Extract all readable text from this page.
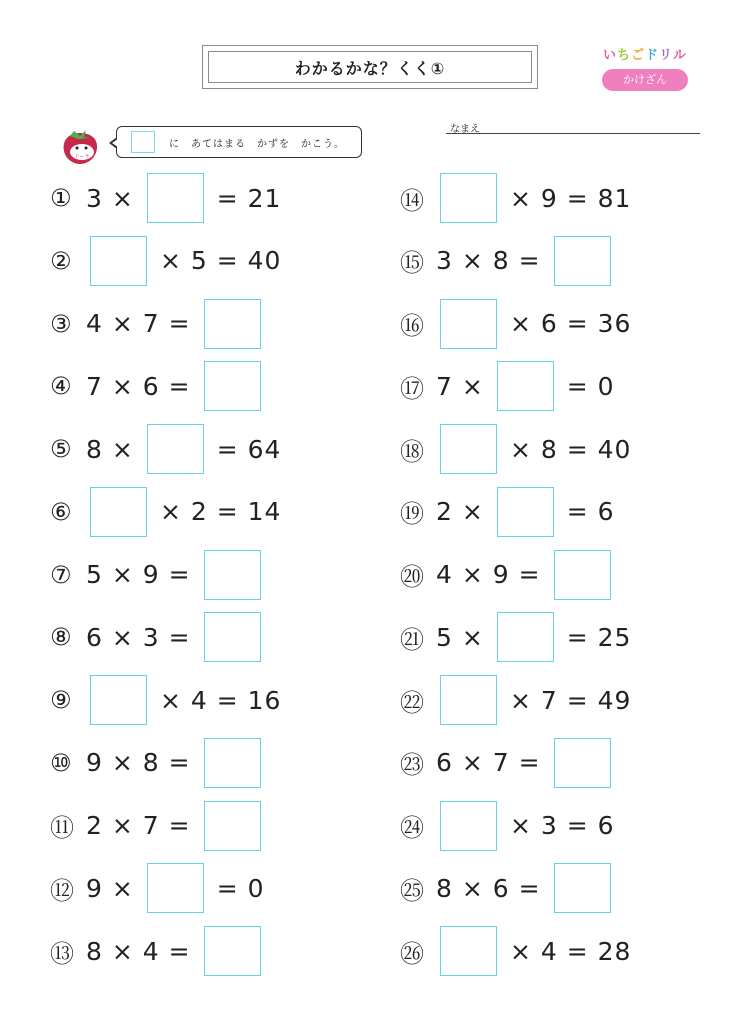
わかるかな？くく①
いちごドリル
かけざん
なまえ
ドーラ
に　あてはまる　かずを　かこう。
① 3 ×	= 21
②	× 5 = 40
③ 4 × 7 =
④ 7 × 6 =
⑤ 8 ×	= 64
⑥	× 2 = 14
⑦ 5 × 9 =
⑧ 6 × 3 =
⑨	× 4 = 16
⑩ 9 × 8 =
⑪ 2 × 7 =
⑫ 9 ×	= 0
⑬ 8 × 4 =
⑭	× 9 = 81
⑮ 3 × 8 =
⑯	× 6 = 36
⑰ 7 ×	= 0
⑱	× 8 = 40
⑲ 2 ×	= 6
⑳ 4 × 9 =
㉑ 5 ×	= 25
㉒	× 7 = 49
㉓ 6 × 7 =
㉔	× 3 = 6
㉕ 8 × 6 =
㉖	× 4 = 28
